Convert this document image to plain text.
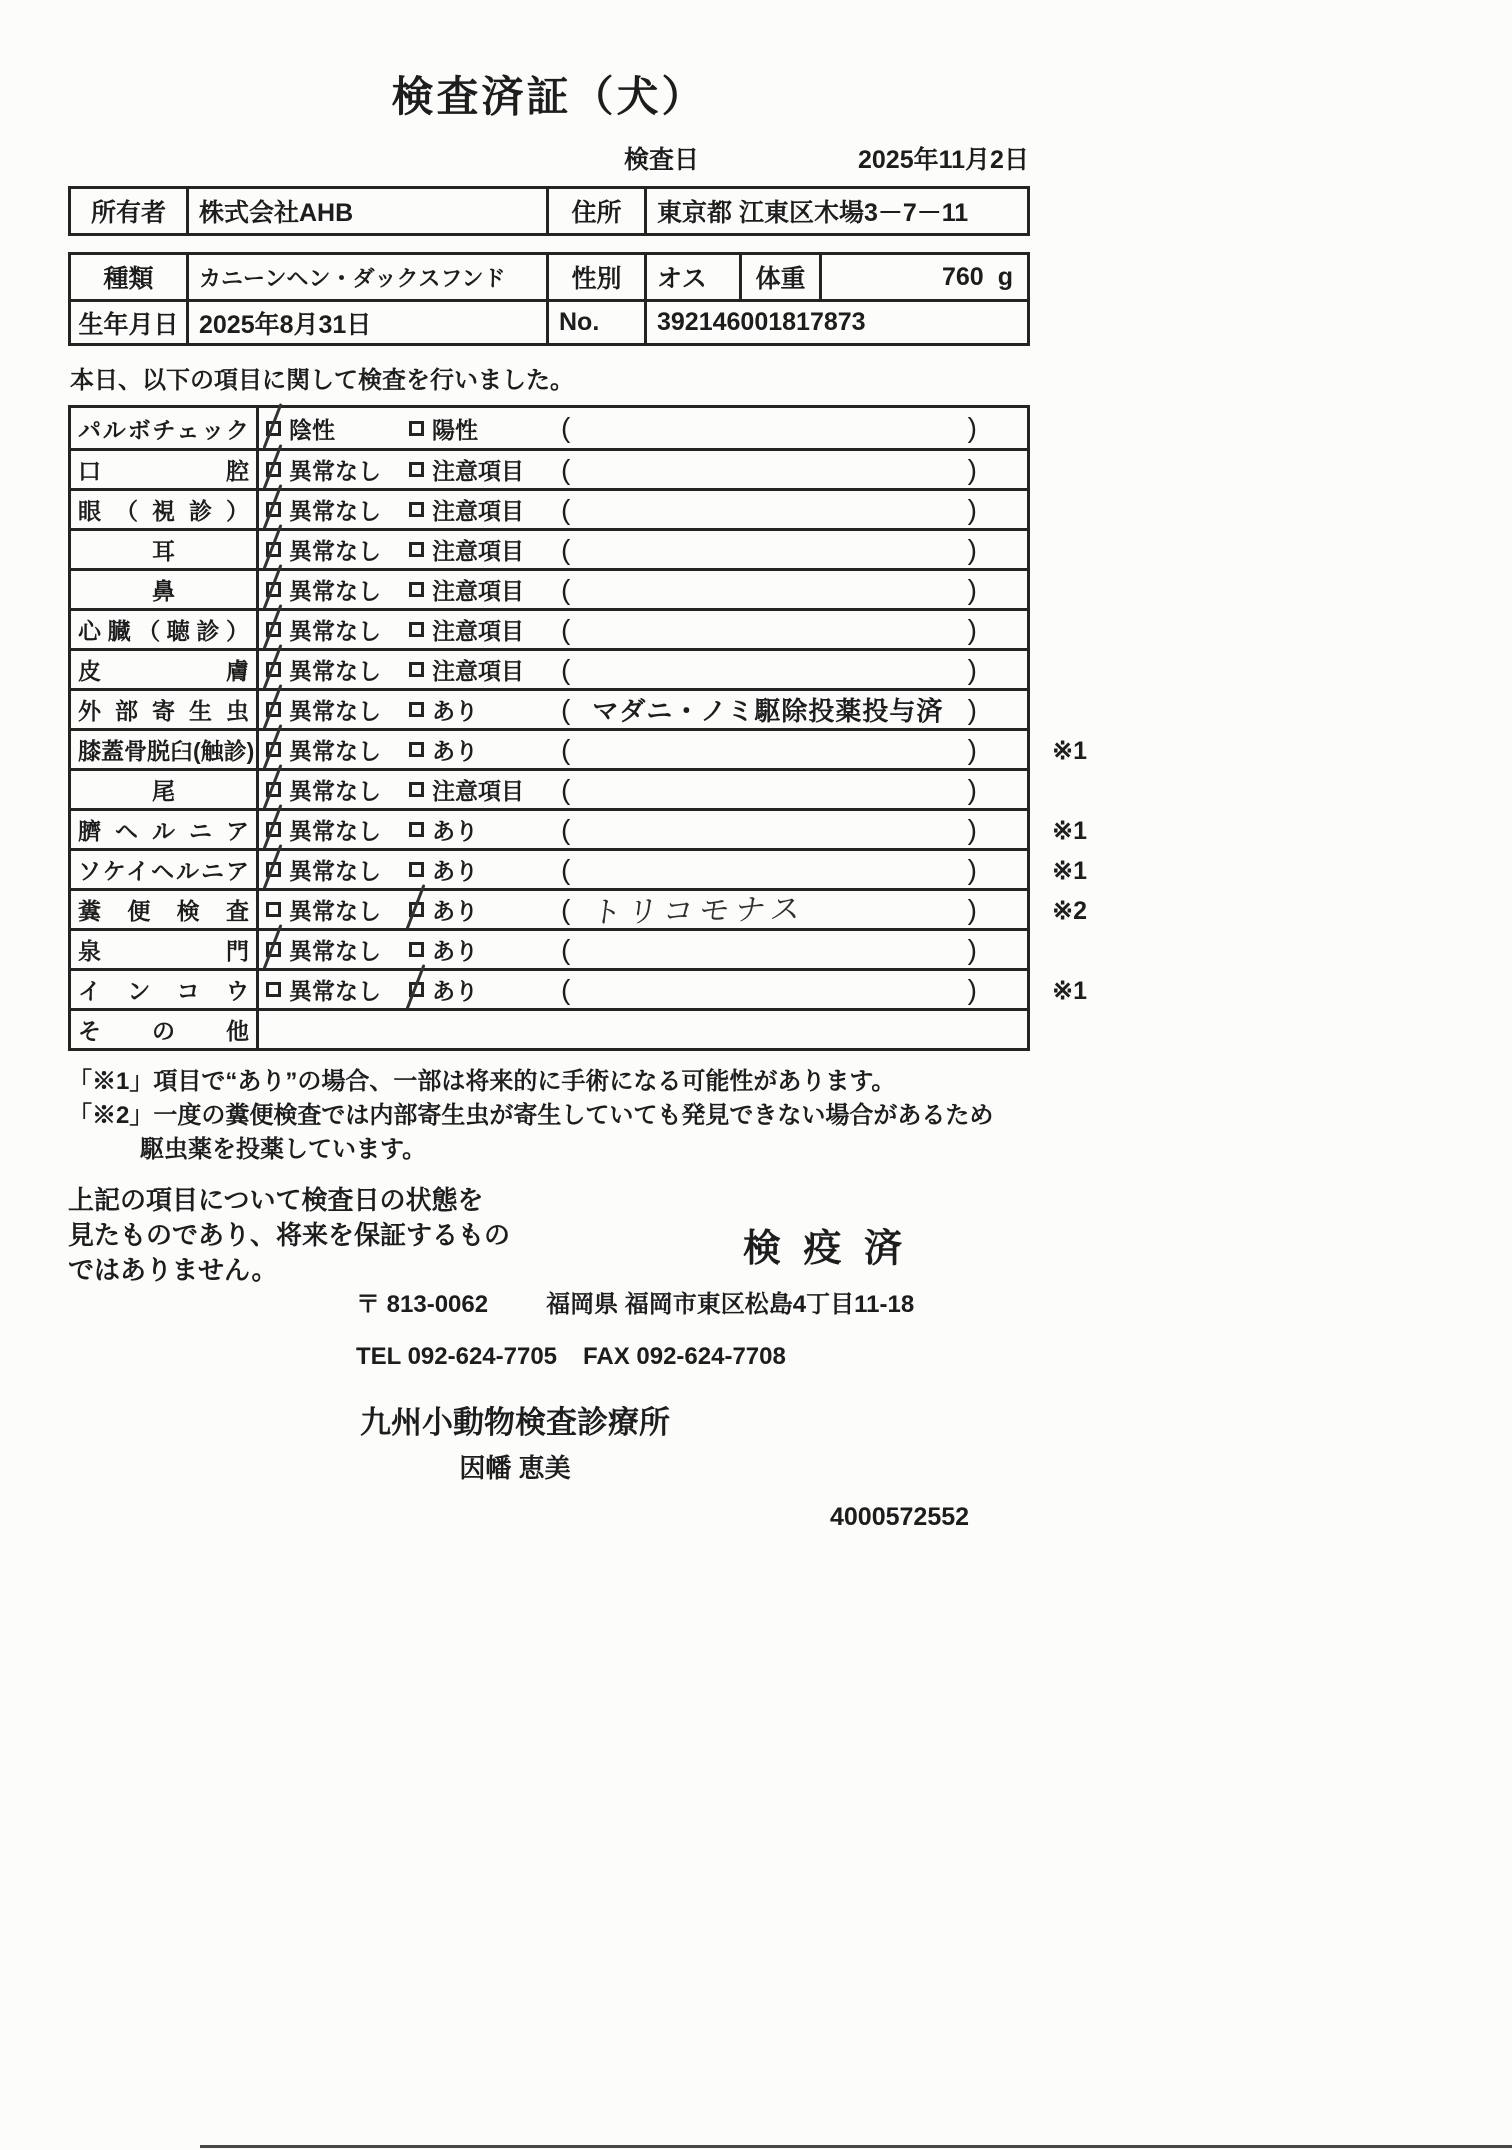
検査済証（犬）
検査日	2025年11月2日
所有者	株式会社AHB	住所	東京都 江東区木場3－7－11
種類	カニーンヘン・ダックスフンド	性別	オス	体重	760 g
生年月日 2025年8月31日	No.	392146001817873

本日、以下の項目に関して検査を行いました。

パルボチェック 陰性	陽性	(	)
口腔 異常なし 注意項目 (	)
眼（視診） 異常なし 注意項目 (	)
耳	異常なし 注意項目 (	)
鼻	異常なし 注意項目 (	)
心臓（聴診） 異常なし 注意項目 (	)
皮膚 異常なし 注意項目 (	)
外部寄生虫 異常なし あり	( マダニ・ノミ駆除投薬投与済 )
膝蓋骨脱臼(触診) 異常なし あり	(	)	※1
尾	異常なし 注意項目 (	)
臍ヘルニア 異常なし あり	(	)	※1
ソケイヘルニア 異常なし あり	(	)	※1
糞便検査 異常なし あり	( トリコモナス	)	※2
泉門 異常なし あり	(	)
インコウ 異常なし あり	(	)	※1
その他
「※1」項目で“あり”の場合、一部は将来的に手術になる可能性があります。
「※2」一度の糞便検査では内部寄生虫が寄生していても発見できない場合があるため
駆虫薬を投薬しています。
上記の項目について検査日の状態を
見たものであり、将来を保証するもの
ではありません。	検 疫 済
〒 813-0062 福岡県 福岡市東区松島4丁目11-18
TEL 092-624-7705 FAX 092-624-7708
九州小動物検査診療所
因幡 恵美
4000572552
